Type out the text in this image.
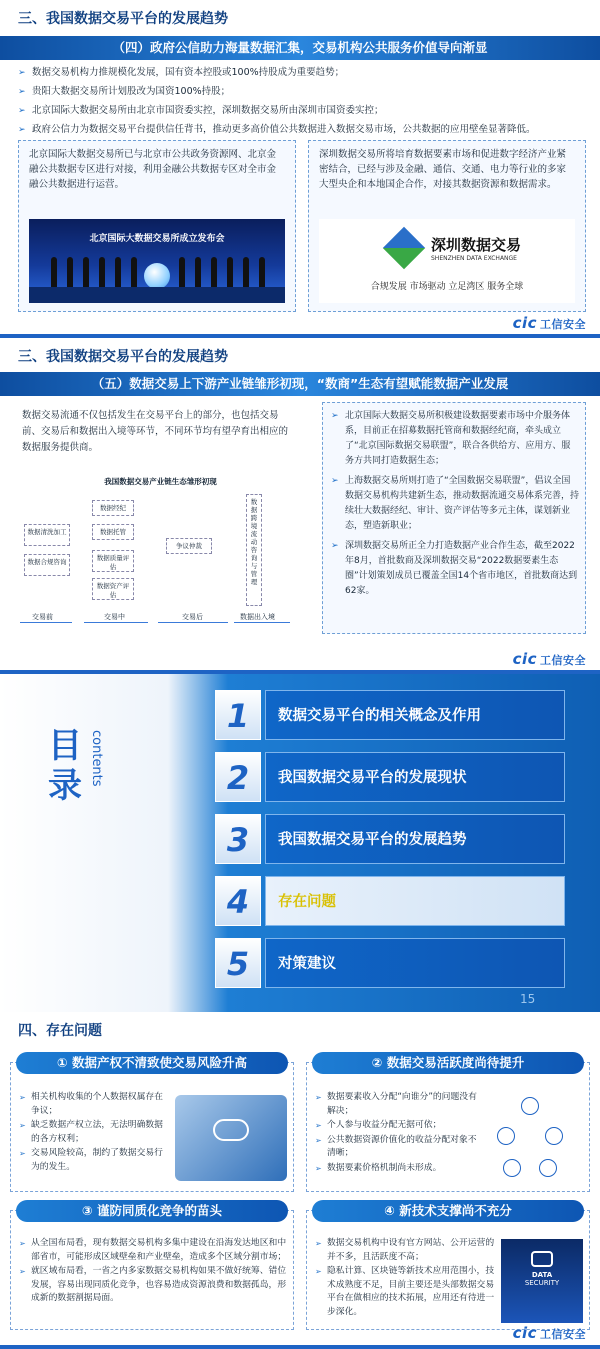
三、我国数据交易平台的发展趋势
（四）政府公信助力海量数据汇集，交易机构公共服务价值导向渐显
➢ 数据交易机构力推规模化发展，国有资本控股或100%持股成为重要趋势；
➢ 贵阳大数据交易所计划股改为国资100%持股；
➢ 北京国际大数据交易所由北京市国资委实控，深圳数据交易所由深圳市国资委实控；
➢ 政府公信力为数据交易平台提供信任背书，推动更多高价值公共数据进入数据交易市场，公共数据的应用壁垒显著降低。

北京国际大数据交易所已与北京市公共政务资源网、北京金融公共数据专区进行对接，利用金融公共数据专区对全市金融公共数据进行运营。

北京国际大数据交易所成立发布会

深圳数据交易所将培育数据要素市场和促进数字经济产业紧密结合，已经与涉及金融、通信、交通、电力等行业的多家大型央企和本地国企合作，对接其数据资源和数据需求。

深圳数据交易
SHENZHEN DATA EXCHANGE
合规发展 市场驱动 立足湾区 服务全球
cic 工信安全
三、我国数据交易平台的发展趋势
（五）数据交易上下游产业链雏形初现，“数商”生态有望赋能数据产业发展
数据交易流通不仅包括发生在交易平台上的部分，也包括交易前、交易后和数据出入境等环节，不同环节均有望孕育出相应的数据服务提供商。
我国数据交易产业链生态雏形初现
数据清洗加工
数据合规咨询
数据经纪
数据托管
数据质量评估
数据资产评估
争议仲裁
数据跨境流动咨询与管理
交易前	交易中	交易后	数据出入境
➢ 北京国际大数据交易所积极建设数据要素市场中介服务体系，目前正在招募数据托管商和数据经纪商，牵头成立了“北京国际数据交易联盟”，联合各供给方、应用方、服务方共同打造数据生态；
➢ 上海数据交易所则打造了“全国数据交易联盟”，倡议全国数据交易机构共建新生态，推动数据流通交易体系完善，持续壮大数据经纪、审计、资产评估等多元主体，谋划新业态，塑造新职业；
➢ 深圳数据交易所正全力打造数据产业合作生态，截至2022年8月，首批数商及深圳数据交易“2022数据要素生态圈”计划策划成员已覆盖全国14个省市地区，首批数商达到62家。
cic 工信安全
目录 contents
1	数据交易平台的相关概念及作用
2	我国数据交易平台的发展现状
3	我国数据交易平台的发展趋势
4	存在问题
5	对策建议
15
四、存在问题
➢ 相关机构收集的个人数据权属存在争议；
➢ 缺乏数据产权立法，无法明确数据的各方权利；
➢ 交易风险较高，制约了数据交易行为的发生。
① 数据产权不清致使交易风险升高
➢ 数据要素收入分配“向谁分”的问题没有解决；
➢ 个人参与收益分配无据可依；
➢ 公共数据资源价值化的收益分配对象不清晰；
➢ 数据要素价格机制尚未形成。
② 数据交易活跃度尚待提升
➢ 从全国布局看，现有数据交易机构多集中建设在沿海发达地区和中部省市，可能形成区域壁垒和产业壁垒，造成多个区域分割市场；
➢ 就区域布局看，一省之内多家数据交易机构如果不做好统筹、错位发展，容易出现同质化竞争，也容易造成资源浪费和数据孤岛，形成新的数据割据局面。
③ 谨防同质化竞争的苗头
➢ 数据交易机构中设有官方网站、公开运营的并不多，且活跃度不高；
➢ 隐私计算、区块链等新技术应用范围小，技术成熟度不足，目前主要还是头部数据交易平台在做相应的技术拓展，应用还有待进一步深化。
DATA
SECURITY
④ 新技术支撑尚不充分
cic 工信安全
